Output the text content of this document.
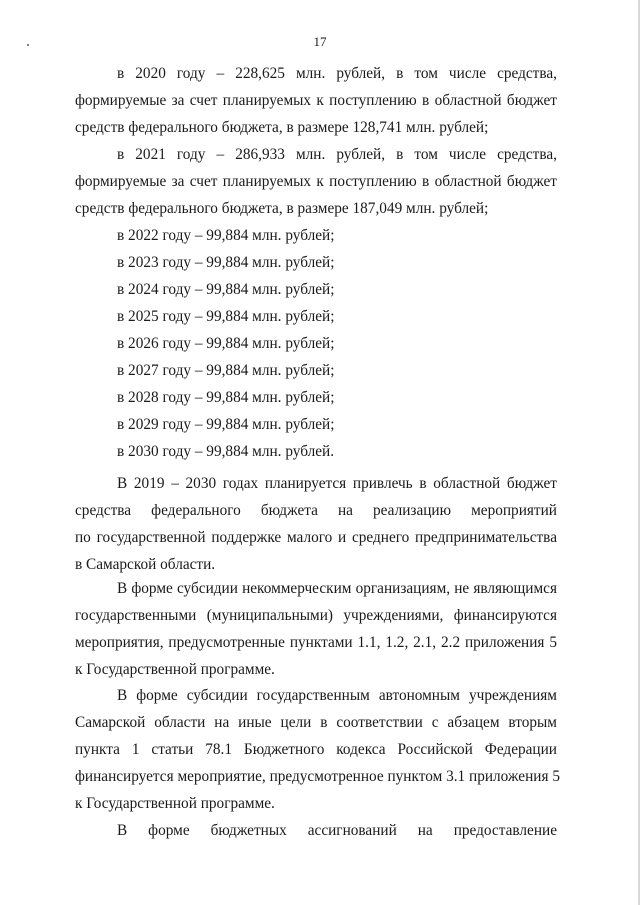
17
в 2020 году – 228,625 млн. рублей, в том числе средства,
формируемые за счет планируемых к поступлению в областной бюджет
средств федерального бюджета, в размере 128,741 млн. рублей;
в 2021 году – 286,933 млн. рублей, в том числе средства,
формируемые за счет планируемых к поступлению в областной бюджет
средств федерального бюджета, в размере 187,049 млн. рублей;
в 2022 году – 99,884 млн. рублей;
в 2023 году – 99,884 млн. рублей;
в 2024 году – 99,884 млн. рублей;
в 2025 году – 99,884 млн. рублей;
в 2026 году – 99,884 млн. рублей;
в 2027 году – 99,884 млн. рублей;
в 2028 году – 99,884 млн. рублей;
в 2029 году – 99,884 млн. рублей;
в 2030 году – 99,884 млн. рублей.
В 2019 – 2030 годах планируется привлечь в областной бюджет
средства федерального бюджета на реализацию мероприятий
по государственной поддержке малого и среднего предпринимательства
в Самарской области.
В форме субсидии некоммерческим организациям, не являющимся
государственными (муниципальными) учреждениями, финансируются
мероприятия, предусмотренные пунктами 1.1, 1.2, 2.1, 2.2 приложения 5
к Государственной программе.
В форме субсидии государственным автономным учреждениям
Самарской области на иные цели в соответствии с абзацем вторым
пункта 1 статьи 78.1 Бюджетного кодекса Российской Федерации
финансируется мероприятие, предусмотренное пунктом 3.1 приложения 5
к Государственной программе.
В форме бюджетных ассигнований на предоставление
